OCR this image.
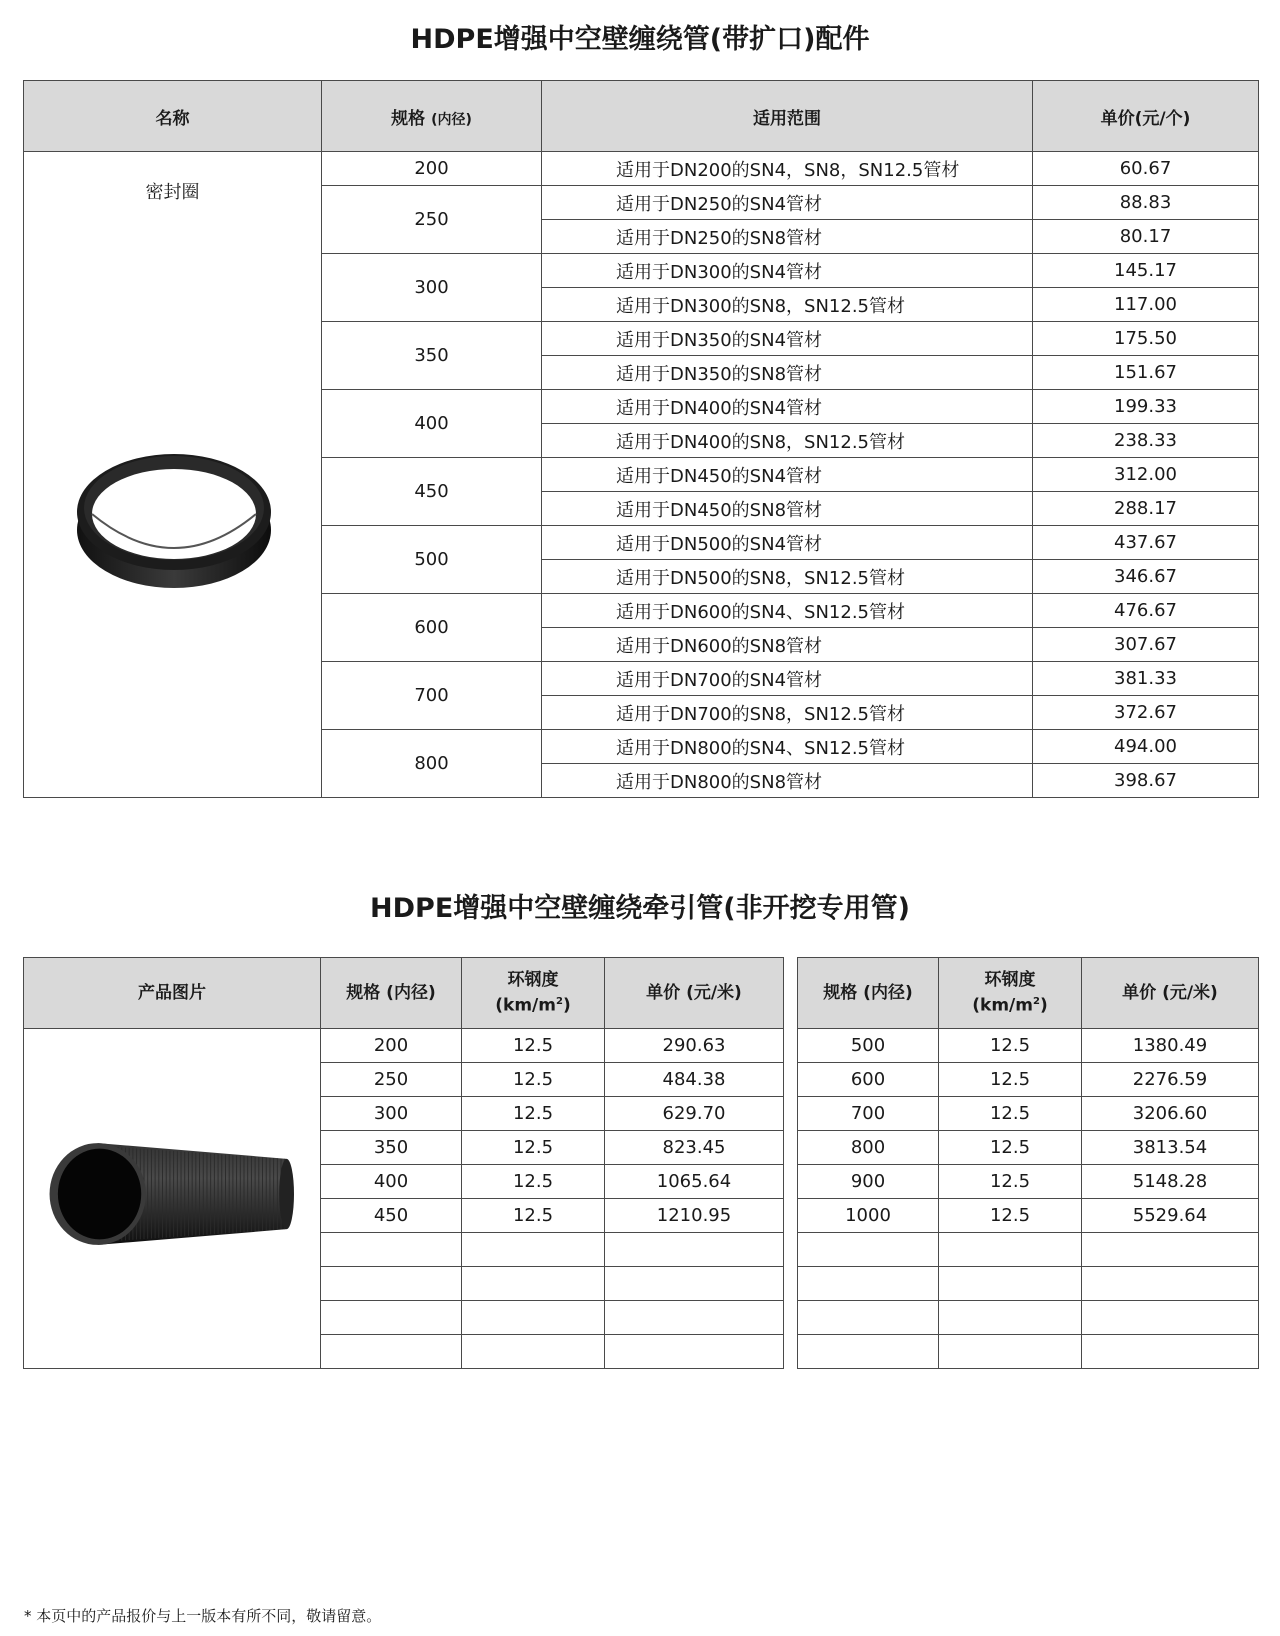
HDPE增强中空壁缠绕管(带扩口)配件
名称	规格 (内径)	适用范围	单价(元/个)

密封圈	200	适用于DN200的SN4，SN8，SN12.5管材	60.67
	250	适用于DN250的SN4管材	88.83
		适用于DN250的SN8管材	80.17
	300	适用于DN300的SN4管材	145.17
		适用于DN300的SN8，SN12.5管材	117.00
	350	适用于DN350的SN4管材	175.50
		适用于DN350的SN8管材	151.67
	400	适用于DN400的SN4管材	199.33
		适用于DN400的SN8，SN12.5管材	238.33
	450	适用于DN450的SN4管材	312.00
		适用于DN450的SN8管材	288.17
	500	适用于DN500的SN4管材	437.67
		适用于DN500的SN8，SN12.5管材	346.67
	600	适用于DN600的SN4、SN12.5管材	476.67
		适用于DN600的SN8管材	307.67
	700	适用于DN700的SN4管材	381.33
		适用于DN700的SN8，SN12.5管材	372.67
	800	适用于DN800的SN4、SN12.5管材	494.00
		适用于DN800的SN8管材	398.67
HDPE增强中空壁缠绕牵引管(非开挖专用管)
产品图片	规格 (内径)	环钢度
$(km/m^2)$	单价 (元/米)

	200	12.5	290.63
	250	12.5	484.38
	300	12.5	629.70
	350	12.5	823.45
	400	12.5	1065.64
	450	12.5	1210.95

规格 (内径)	环钢度
$(km/m^2)$	单价 (元/米)
500	12.5	1380.49
600	12.5	2276.59
700	12.5	3206.60
800	12.5	3813.54
900	12.5	5148.28
1000	12.5	5529.64

* 本页中的产品报价与上一版本有所不同，敬请留意。
